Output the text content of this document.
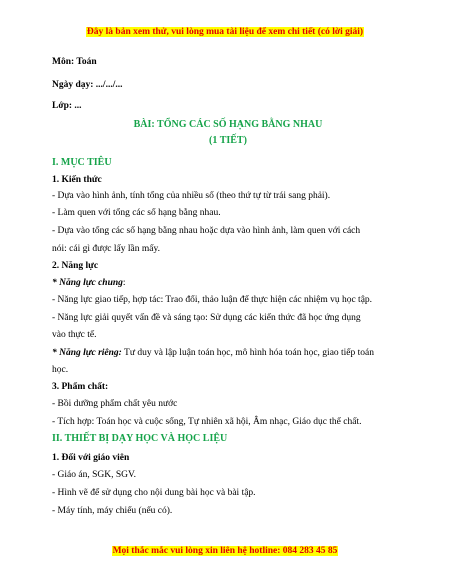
Đây là bản xem thử, vui lòng mua tài liệu để xem chi tiết (có lời giải)
Môn: Toán
Ngày dạy: .../.../...
Lớp: ...
BÀI: TỔNG CÁC SỐ HẠNG BẰNG NHAU
(1 TIẾT)
I. MỤC TIÊU
1. Kiến thức
- Dựa vào hình ảnh, tính tổng của nhiều số (theo thứ tự từ trái sang phải).
- Làm quen với tổng các số hạng bằng nhau.
- Dựa vào tổng các số hạng bằng nhau hoặc dựa vào hình ảnh, làm quen với cách
nói: cái gì được lấy lần mấy.
2. Năng lực
* Năng lực chung:
- Năng lực giao tiếp, hợp tác: Trao đổi, thảo luận để thực hiện các nhiệm vụ học tập.
- Năng lực giải quyết vấn đề và sáng tạo: Sử dụng các kiến thức đã học ứng dụng
vào thực tế.
* Năng lực riêng: Tư duy và lập luận toán học, mô hình hóa toán học, giao tiếp toán
học.
3. Phẩm chất:
- Bồi dưỡng phẩm chất yêu nước
- Tích hợp: Toán học và cuộc sống, Tự nhiên xã hội, Âm nhạc, Giáo dục thể chất.
II. THIẾT BỊ DẠY HỌC VÀ HỌC LIỆU
1. Đối với giáo viên
- Giáo án, SGK, SGV.
- Hình vẽ để sử dụng cho nội dung bài học và bài tập.
- Máy tính, máy chiếu (nếu có).
Mọi thắc mắc vui lòng xin liên hệ hotline: 084 283 45 85
